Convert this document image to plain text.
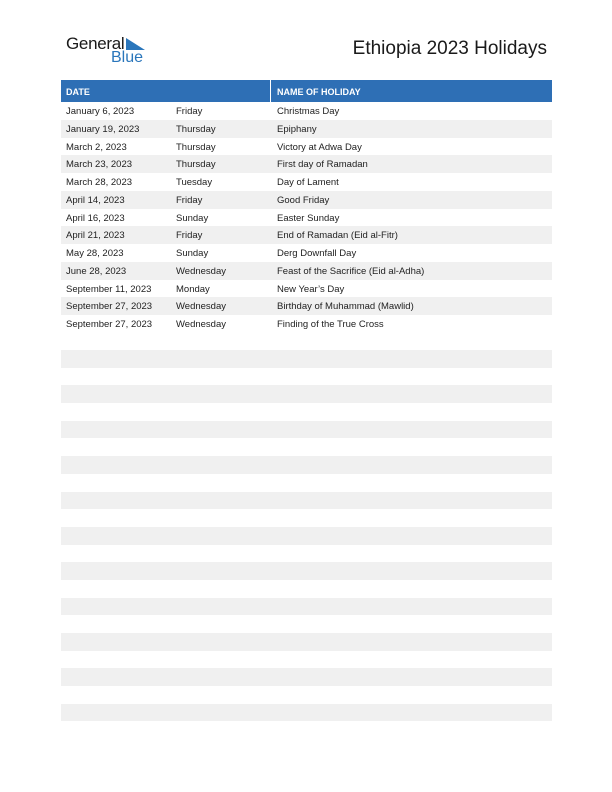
General
Blue	Ethiopia 2023 Holidays
DATE	NAME OF HOLIDAY
January 6, 2023	Friday	Christmas Day
January 19, 2023	Thursday	Epiphany
March 2, 2023	Thursday	Victory at Adwa Day
March 23, 2023	Thursday	First day of Ramadan
March 28, 2023	Tuesday	Day of Lament
April 14, 2023	Friday	Good Friday
April 16, 2023	Sunday	Easter Sunday
April 21, 2023	Friday	End of Ramadan (Eid al-Fitr)
May 28, 2023	Sunday	Derg Downfall Day
June 28, 2023	Wednesday	Feast of the Sacrifice (Eid al-Adha)
September 11, 2023	Monday	New Year’s Day
September 27, 2023	Wednesday	Birthday of Muhammad (Mawlid)
September 27, 2023	Wednesday	Finding of the True Cross
